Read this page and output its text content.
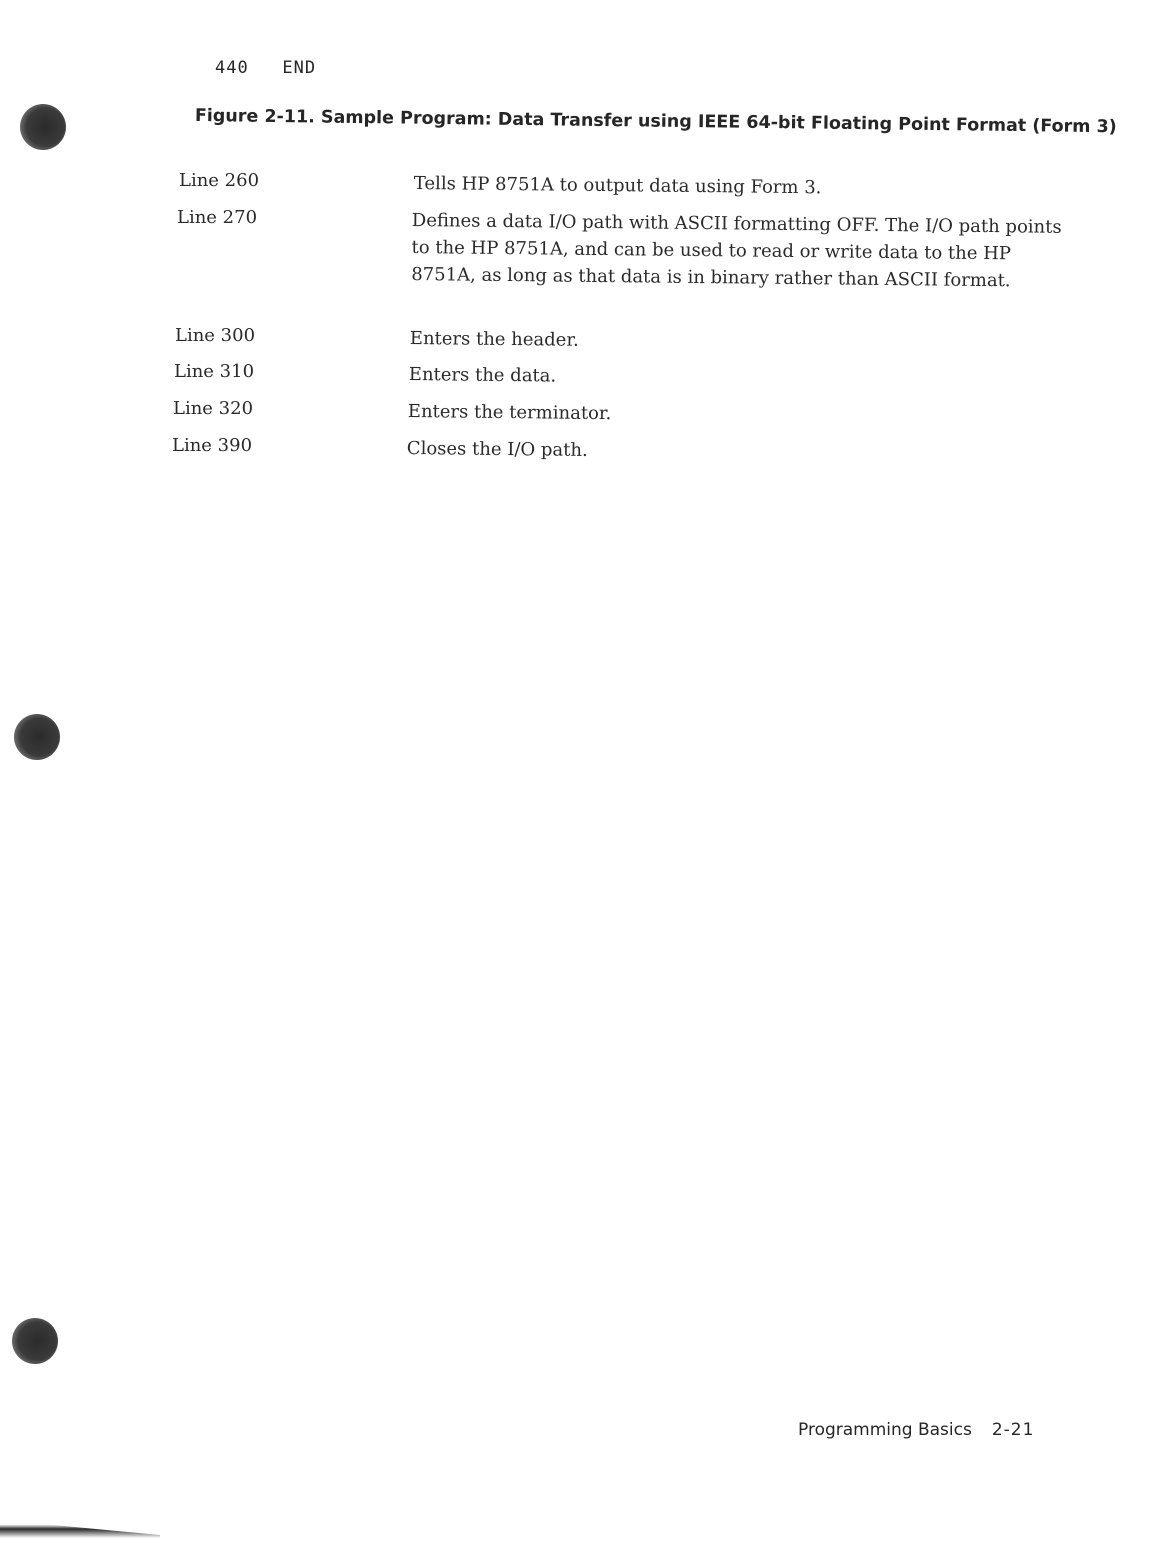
440   END
Figure 2-11. Sample Program: Data Transfer using IEEE 64-bit Floating Point Format (Form 3)
Line 260	Tells HP 8751A to output data using Form 3.
Line 270	Defines a data I/O path with ASCII formatting OFF. The I/O path points to the HP 8751A, and can be used to read or write data to the HP 8751A, as long as that data is in binary rather than ASCII format.
Line 300	Enters the header.
Line 310	Enters the data.
Line 320	Enters the terminator.
Line 390	Closes the I/O path.
Programming Basics 2-21
